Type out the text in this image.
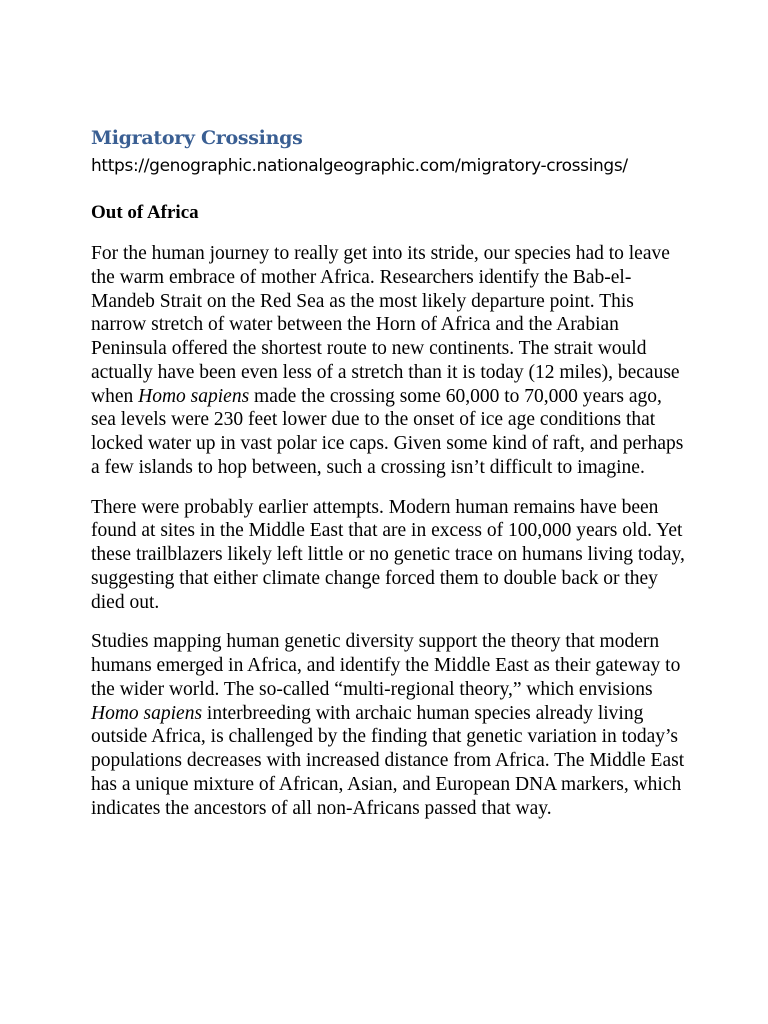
Migratory Crossings

https://genographic.nationalgeographic.com/migratory-crossings/

Out of Africa

For the human journey to really get into its stride, our species had to leave the warm embrace of mother Africa. Researchers identify the Bab-el-Mandeb Strait on the Red Sea as the most likely departure point. This narrow stretch of water between the Horn of Africa and the Arabian Peninsula offered the shortest route to new continents. The strait would actually have been even less of a stretch than it is today (12 miles), because when Homo sapiens made the crossing some 60,000 to 70,000 years ago, sea levels were 230 feet lower due to the onset of ice age conditions that locked water up in vast polar ice caps. Given some kind of raft, and perhaps a few islands to hop between, such a crossing isn’t difficult to imagine.

There were probably earlier attempts. Modern human remains have been found at sites in the Middle East that are in excess of 100,000 years old. Yet these trailblazers likely left little or no genetic trace on humans living today, suggesting that either climate change forced them to double back or they died out.

Studies mapping human genetic diversity support the theory that modern humans emerged in Africa, and identify the Middle East as their gateway to the wider world. The so-called “multi-regional theory,” which envisions Homo sapiens interbreeding with archaic human species already living outside Africa, is challenged by the finding that genetic variation in today’s populations decreases with increased distance from Africa. The Middle East has a unique mixture of African, Asian, and European DNA markers, which indicates the ancestors of all non-Africans passed that way.
